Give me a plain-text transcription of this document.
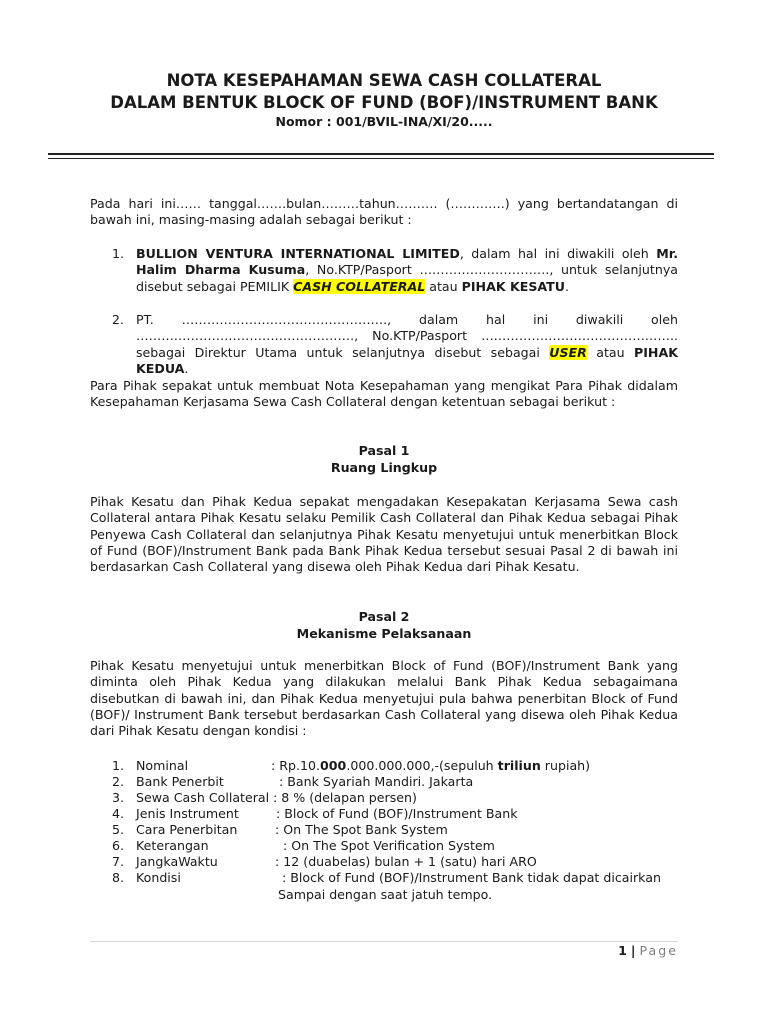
NOTA KESEPAHAMAN SEWA CASH COLLATERAL
DALAM BENTUK BLOCK OF FUND (BOF)/INSTRUMENT BANK
Nomor : 001/BVIL-INA/XI/20.....
Pada hari ini…… tanggal…….bulan………tahun………. (………….) yang bertandatangan di bawah ini, masing-masing adalah sebagai berikut :
1. BULLION VENTURA INTERNATIONAL LIMITED, dalam hal ini diwakili oleh Mr. Halim Dharma Kusuma, No.KTP/Pasport …………………………., untuk selanjutnya disebut sebagai PEMILIK CASH COLLATERAL atau PIHAK KESATU.
2. PT. …………………………………………., dalam hal ini diwakili oleh ……………………………………………., No.KTP/Pasport ……………………………………….. sebagai Direktur Utama untuk selanjutnya disebut sebagai USER atau PIHAK KEDUA.
Para Pihak sepakat untuk membuat Nota Kesepahaman yang mengikat Para Pihak didalam Kesepahaman Kerjasama Sewa Cash Collateral dengan ketentuan sebagai berikut :
Pasal 1
Ruang Lingkup
Pihak Kesatu dan Pihak Kedua sepakat mengadakan Kesepakatan Kerjasama Sewa cash Collateral antara Pihak Kesatu selaku Pemilik Cash Collateral dan Pihak Kedua sebagai Pihak Penyewa Cash Collateral dan selanjutnya Pihak Kesatu menyetujui untuk menerbitkan Block of Fund (BOF)/Instrument Bank pada Bank Pihak Kedua tersebut sesuai Pasal 2 di bawah ini berdasarkan Cash Collateral yang disewa oleh Pihak Kedua dari Pihak Kesatu.
Pasal 2
Mekanisme Pelaksanaan
Pihak Kesatu menyetujui untuk menerbitkan Block of Fund (BOF)/Instrument Bank yang diminta oleh Pihak Kedua yang dilakukan melalui Bank Pihak Kedua sebagaimana disebutkan di bawah ini, dan Pihak Kedua menyetujui pula bahwa penerbitan Block of Fund (BOF)/ Instrument Bank tersebut berdasarkan Cash Collateral yang disewa oleh Pihak Kedua dari Pihak Kesatu dengan kondisi :
1. Nominal	: Rp.10.000.000.000.000,-(sepuluh triliun rupiah)
2. Bank Penerbit	: Bank Syariah Mandiri. Jakarta
3. Sewa Cash Collateral : 8 % (delapan persen)
4. Jenis Instrument	: Block of Fund (BOF)/Instrument Bank
5. Cara Penerbitan	: On The Spot Bank System
6. Keterangan	: On The Spot Verification System
7. JangkaWaktu	: 12 (duabelas) bulan + 1 (satu) hari ARO
8. Kondisi	: Block of Fund (BOF)/Instrument Bank tidak dapat dicairkan
Sampai dengan saat jatuh tempo.
1 | Page
